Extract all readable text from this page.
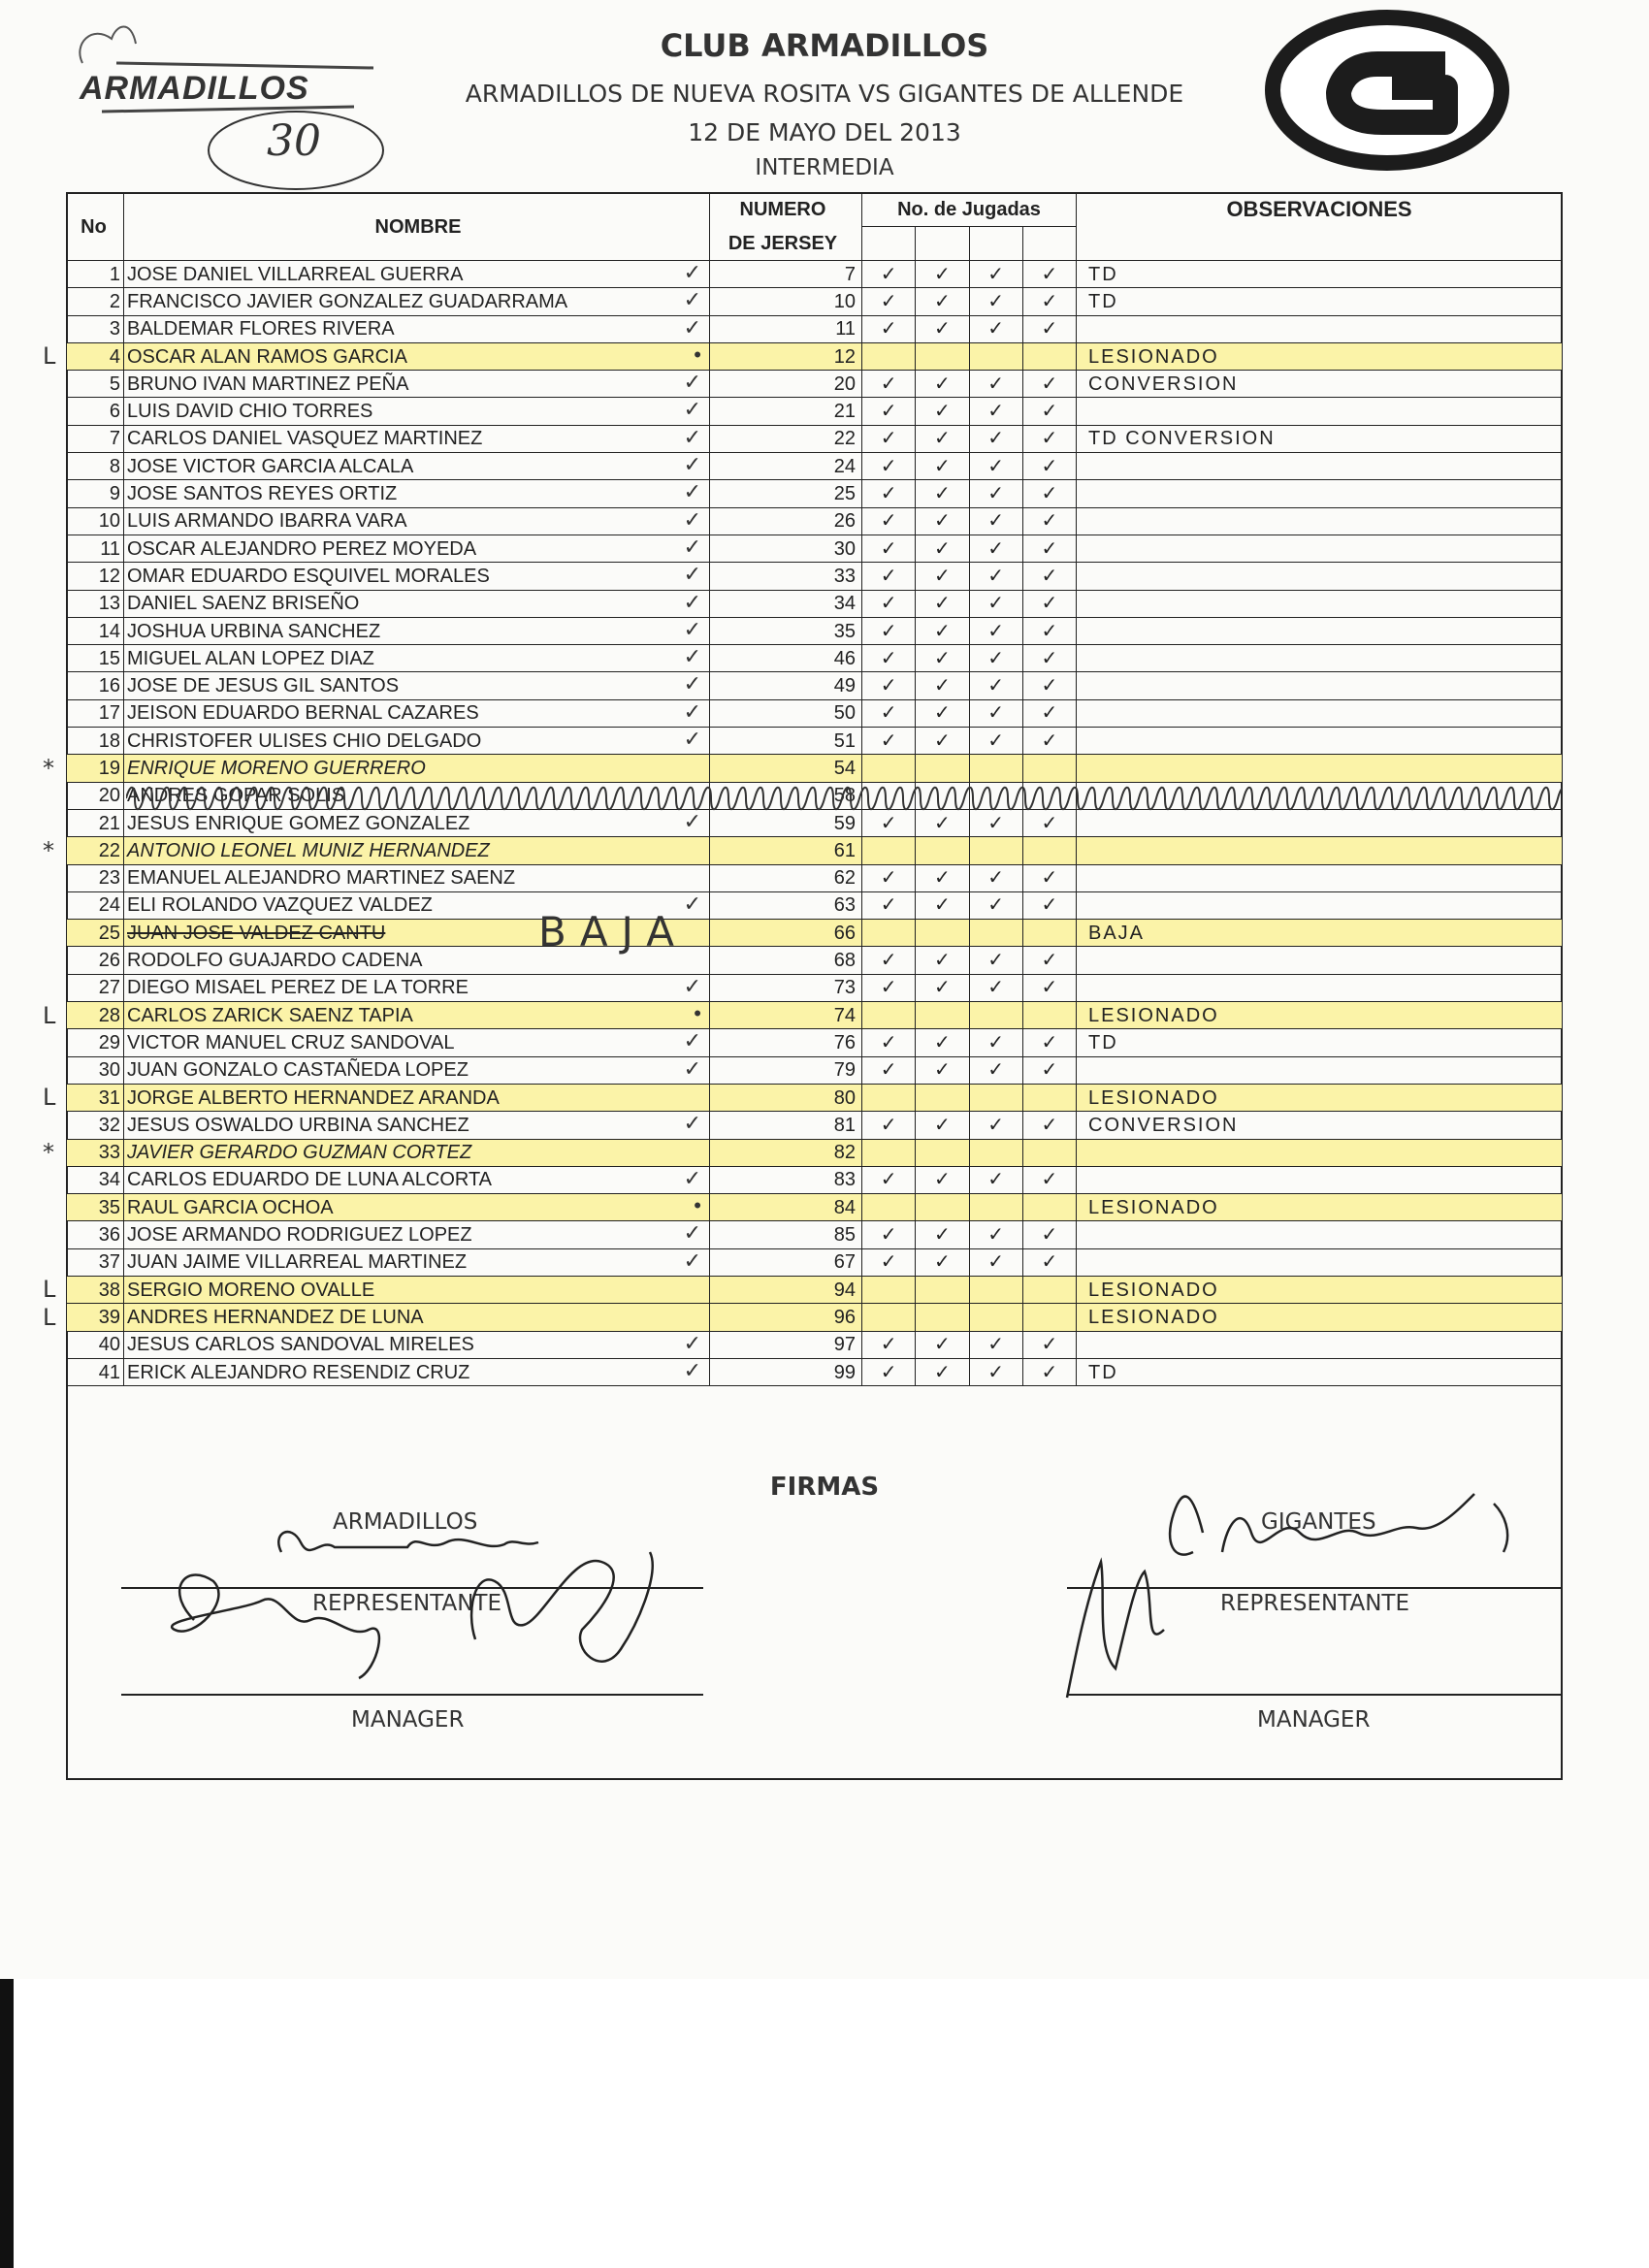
ARMADILLOS
30
CLUB ARMADILLOS
ARMADILLOS DE NUEVA ROSITA VS GIGANTES DE ALLENDE
12 DE MAYO DEL 2013
INTERMEDIA
No	NOMBRE	NUMERO	No. de Jugadas				OBSERVACIONES
		DE JERSEY					
1	JOSE DANIEL VILLARREAL GUERRA ✓	7	✓	✓	✓	✓	TD
2	FRANCISCO JAVIER GONZALEZ GUADARRAMA ✓	10	✓	✓	✓	✓	TD
3	BALDEMAR FLORES RIVERA ✓	11	✓	✓	✓	✓	
4	OSCAR ALAN RAMOS GARCIA •	12					LESIONADO
5	BRUNO IVAN MARTINEZ PEÑA ✓	20	✓	✓	✓	✓	CONVERSION
6	LUIS DAVID CHIO TORRES ✓	21	✓	✓	✓	✓	
7	CARLOS DANIEL VASQUEZ MARTINEZ ✓	22	✓	✓	✓	✓	TD CONVERSION
8	JOSE VICTOR GARCIA ALCALA ✓	24	✓	✓	✓	✓	
9	JOSE SANTOS REYES ORTIZ ✓	25	✓	✓	✓	✓	
10	LUIS ARMANDO IBARRA VARA ✓	26	✓	✓	✓	✓	
11	OSCAR ALEJANDRO PEREZ MOYEDA ✓	30	✓	✓	✓	✓	
12	OMAR EDUARDO ESQUIVEL MORALES ✓	33	✓	✓	✓	✓	
13	DANIEL SAENZ BRISEÑO ✓	34	✓	✓	✓	✓	
14	JOSHUA URBINA SANCHEZ ✓	35	✓	✓	✓	✓	
15	MIGUEL ALAN LOPEZ DIAZ ✓	46	✓	✓	✓	✓	
16	JOSE DE JESUS GIL SANTOS ✓	49	✓	✓	✓	✓	
17	JEISON EDUARDO BERNAL CAZARES ✓	50	✓	✓	✓	✓	
18	CHRISTOFER ULISES CHIO DELGADO ✓	51	✓	✓	✓	✓	
19	ENRIQUE MORENO GUERRERO	54					
20	ANDRES GOPAR SOLIS	58					
21	JESUS ENRIQUE GOMEZ GONZALEZ ✓	59	✓	✓	✓	✓	
22	ANTONIO LEONEL MUNIZ HERNANDEZ	61					
23	EMANUEL ALEJANDRO MARTINEZ SAENZ	62	✓	✓	✓	✓	
24	ELI ROLANDO VAZQUEZ VALDEZ ✓	63	✓	✓	✓	✓	
25	JUAN JOSE VALDEZ CANTU	66					BAJA
26	RODOLFO GUAJARDO CADENA	68	✓	✓	✓	✓	
27	DIEGO MISAEL PEREZ DE LA TORRE ✓	73	✓	✓	✓	✓	
28	CARLOS ZARICK SAENZ TAPIA •	74					LESIONADO
29	VICTOR MANUEL CRUZ SANDOVAL ✓	76	✓	✓	✓	✓	TD
30	JUAN GONZALO CASTAÑEDA LOPEZ ✓	79	✓	✓	✓	✓	
31	JORGE ALBERTO HERNANDEZ ARANDA	80					LESIONADO
32	JESUS OSWALDO URBINA SANCHEZ ✓	81	✓	✓	✓	✓	CONVERSION
33	JAVIER GERARDO GUZMAN CORTEZ	82					
34	CARLOS EDUARDO DE LUNA ALCORTA ✓	83	✓	✓	✓	✓	
35	RAUL GARCIA OCHOA •	84					LESIONADO
36	JOSE ARMANDO RODRIGUEZ LOPEZ ✓	85	✓	✓	✓	✓	
37	JUAN JAIME VILLARREAL MARTINEZ ✓	67	✓	✓	✓	✓	
38	SERGIO MORENO OVALLE	94					LESIONADO
39	ANDRES HERNANDEZ DE LUNA	96					LESIONADO
40	JESUS CARLOS SANDOVAL MIRELES ✓	97	✓	✓	✓	✓	
41	ERICK ALEJANDRO RESENDIZ CRUZ ✓	99	✓	✓	✓	✓	TD

BAJA
FIRMAS
ARMADILLOS	GIGANTES
REPRESENTANTE	REPRESENTANTE
MANAGER	MANAGER
L
*
*
L
L
*
L
L
